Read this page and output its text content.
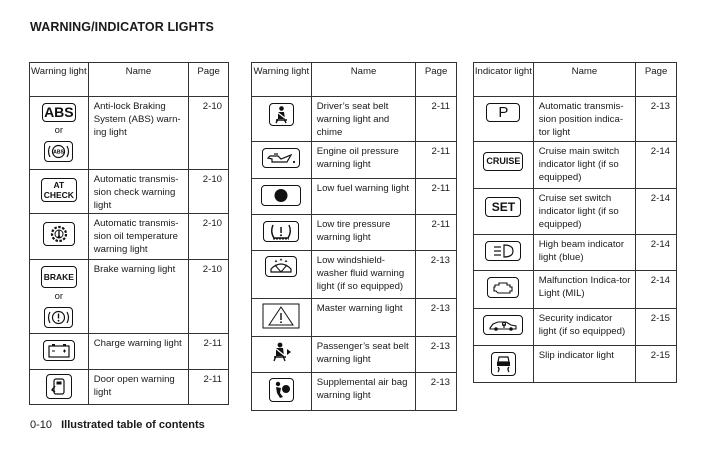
WARNING/INDICATOR LIGHTS
Warning light	Name	Page
ABS
or
ABS	Anti-lock Braking System (ABS) warn-ing light	2-10
AT
CHECK	Automatic transmis-sion check warning light	2-10

	Automatic transmis-sion oil temperature warning light	2-10
BRAKE
or	Brake warning light	2-10

	Charge warning light	2-11

	Door open warning light	2-11
Warning light	Name	Page

	Driver’s seat belt warning light and chime	2-11

	Engine oil pressure warning light	2-11

	Low fuel warning light	2-11

	Low tire pressure warning light	2-11

	Low windshield-washer fluid warning light (if so equipped)	2-13
	Master warning light	2-13
	Passenger’s seat belt warning light	2-13

	Supplemental air bag warning light	2-13
Indicator light	Name	Page
P	Automatic transmis-sion position indica-tor light	2-13
CRUISE	Cruise main switch indicator light (if so equipped)	2-14
SET	Cruise set switch indicator light (if so equipped)	2-14

	High beam indicator light (blue)	2-14

	Malfunction Indica-tor Light (MIL)	2-14

	Security indicator light (if so equipped)	2-15

	Slip indicator light	2-15
0-10 Illustrated table of contents
